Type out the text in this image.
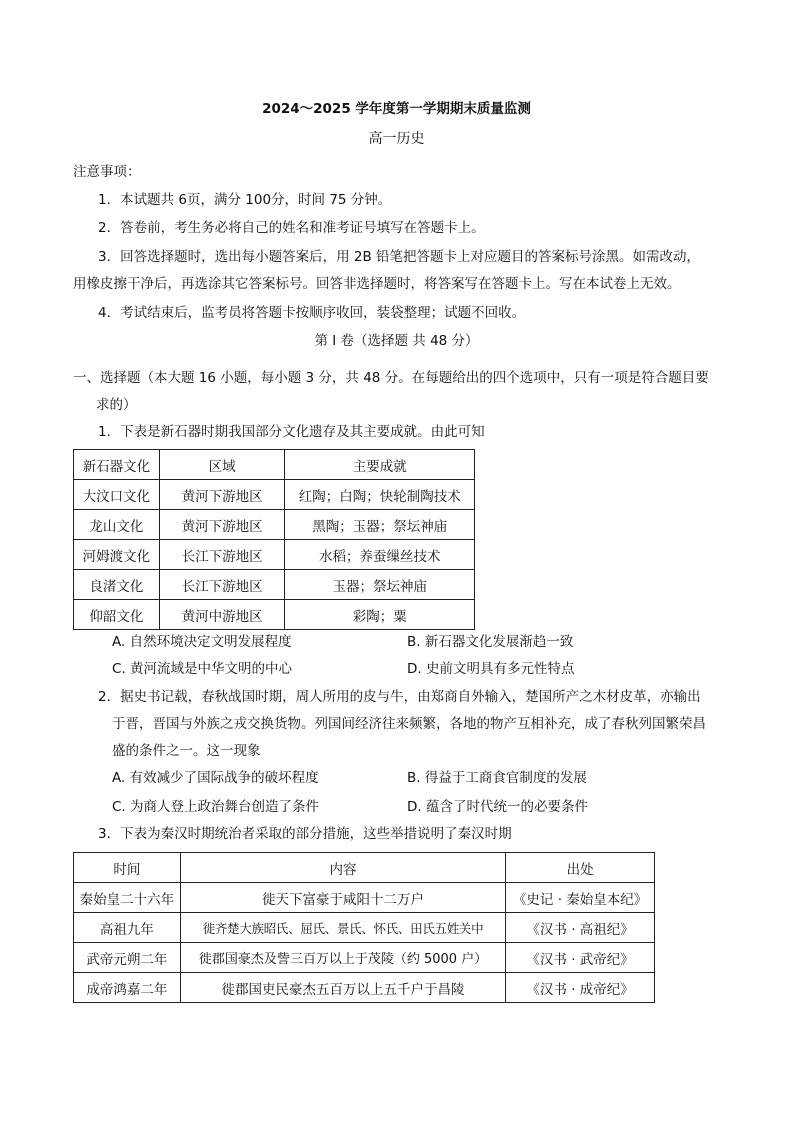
2024～2025 学年度第一学期期末质量监测
高一历史
注意事项：
1．本试题共 6页，满分 100分，时间 75 分钟。
2．答卷前，考生务必将自己的姓名和准考证号填写在答题卡上。
3．回答选择题时，选出每小题答案后，用 2B 铅笔把答题卡上对应题目的答案标号涂黑。如需改动，
用橡皮擦干净后，再选涂其它答案标号。回答非选择题时，将答案写在答题卡上。写在本试卷上无效。
4．考试结束后，监考员将答题卡按顺序收回，装袋整理；试题不回收。
第 I 卷（选择题 共 48 分）
一、选择题（本大题 16 小题，每小题 3 分，共 48 分。在每题给出的四个选项中，只有一项是符合题目要
求的）
1．下表是新石器时期我国部分文化遗存及其主要成就。由此可知
新石器文化	区域	主要成就
大汶口文化	黄河下游地区	红陶；白陶；快轮制陶技术
龙山文化	黄河下游地区	黑陶；玉器；祭坛神庙
河姆渡文化	长江下游地区	水稻；养蚕缫丝技术
良渚文化	长江下游地区	玉器；祭坛神庙
仰韶文化	黄河中游地区	彩陶；粟
A. 自然环境决定文明发展程度	B. 新石器文化发展渐趋一致
C. 黄河流域是中华文明的中心	D. 史前文明具有多元性特点
2．据史书记载，春秋战国时期，周人所用的皮与牛，由郑商自外输入，楚国所产之木材皮革，亦输出
于晋，晋国与外族之戎交换货物。列国间经济往来频繁，各地的物产互相补充，成了春秋列国繁荣昌
盛的条件之一。这一现象
A. 有效减少了国际战争的破坏程度	B. 得益于工商食官制度的发展
C. 为商人登上政治舞台创造了条件	D. 蕴含了时代统一的必要条件
3．下表为秦汉时期统治者采取的部分措施，这些举措说明了秦汉时期
时间	内容	出处
秦始皇二十六年	徙天下富豪于咸阳十二万户	《史记 · 秦始皇本纪》
高祖九年	徙齐楚大族昭氏、屈氏、景氏、怀氏、田氏五姓关中	《汉书 · 高祖纪》
武帝元朔二年	徙郡国豪杰及訾三百万以上于茂陵（约 5000 户）	《汉书 · 武帝纪》
成帝鸿嘉二年	徙郡国吏民豪杰五百万以上五千户于昌陵	《汉书 · 成帝纪》
